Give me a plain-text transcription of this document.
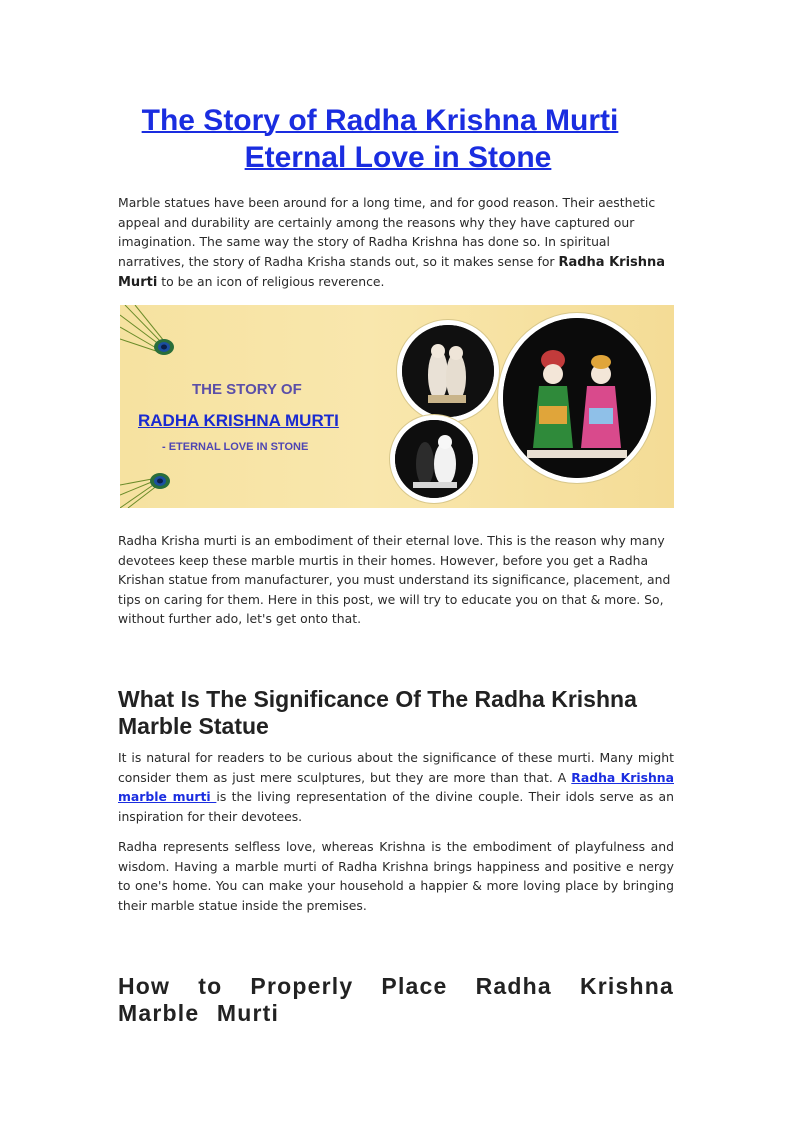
The Story of Radha Krishna Murti
Eternal Love in Stone

Marble statues have been around for a long time, and for good reason. Their aesthetic appeal and durability are certainly among the reasons why they have captured our imagination. The same way the story of Radha Krishna has done so. In spiritual narratives, the story of Radha Krisha stands out, so it makes sense for Radha Krishna Murti to be an icon of religious reverence.

THE STORY OF
RADHA KRISHNA MURTI
- ETERNAL LOVE IN STONE

Radha Krisha murti is an embodiment of their eternal love. This is the reason why many devotees keep these marble murtis in their homes. However, before you get a Radha Krishan statue from manufacturer, you must understand its significance, placement, and tips on caring for them. Here in this post, we will try to educate you on that & more. So, without further ado, let's get onto that.

What Is The Significance Of The Radha Krishna Marble Statue

It is natural for readers to be curious about the significance of these murti. Many might consider them as just mere sculptures, but they are more than that. A Radha Krishna marble murti is the living representation of the divine couple. Their idols serve as an inspiration for their devotees.

Radha represents selfless love, whereas Krishna is the embodiment of playfulness and wisdom. Having a marble murti of Radha Krishna brings happiness and positive e nergy to one's home. You can make your household a happier & more loving place by bringing their marble statue inside the premises.

How to Properly Place Radha Krishna Marble Murti
